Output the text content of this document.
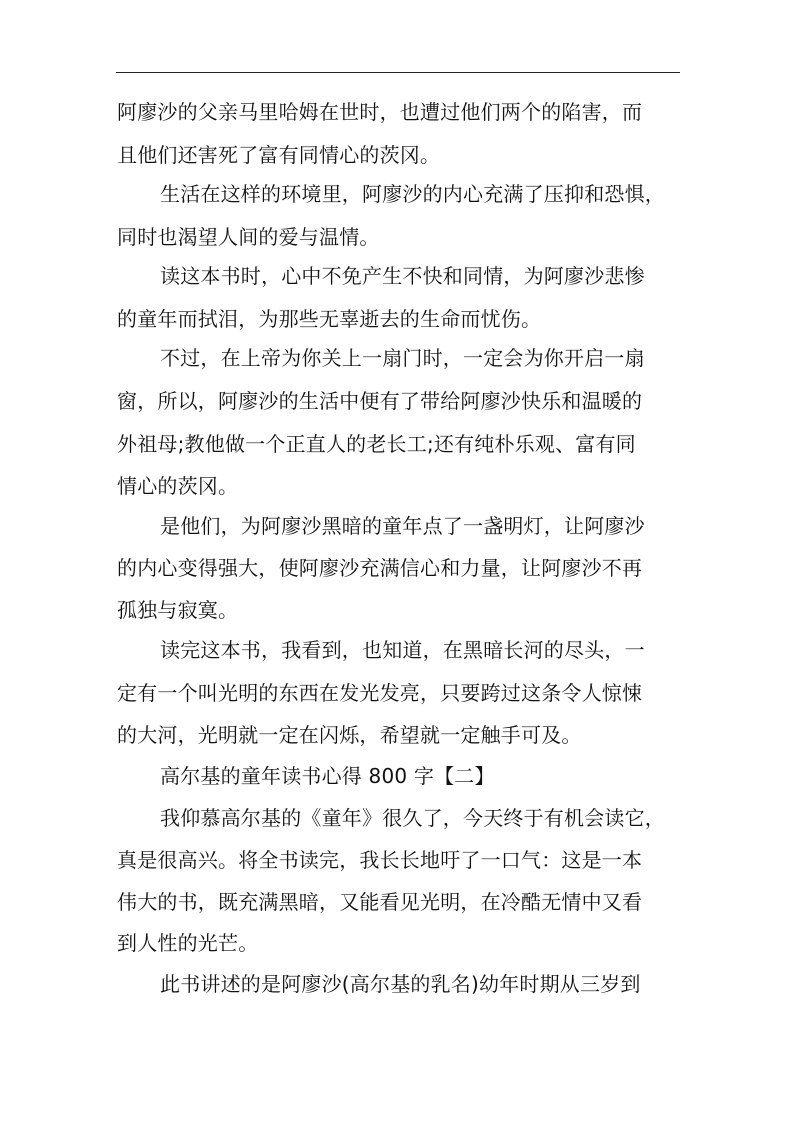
阿廖沙的父亲马里哈姆在世时，也遭过他们两个的陷害，而
且他们还害死了富有同情心的茨冈。
生活在这样的环境里，阿廖沙的内心充满了压抑和恐惧，
同时也渴望人间的爱与温情。
读这本书时，心中不免产生不快和同情，为阿廖沙悲惨
的童年而拭泪，为那些无辜逝去的生命而忧伤。
不过，在上帝为你关上一扇门时，一定会为你开启一扇
窗，所以，阿廖沙的生活中便有了带给阿廖沙快乐和温暖的
外祖母;教他做一个正直人的老长工;还有纯朴乐观、富有同
情心的茨冈。
是他们，为阿廖沙黑暗的童年点了一盏明灯，让阿廖沙
的内心变得强大，使阿廖沙充满信心和力量，让阿廖沙不再
孤独与寂寞。
读完这本书，我看到，也知道，在黑暗长河的尽头，一
定有一个叫光明的东西在发光发亮，只要跨过这条令人惊悚
的大河，光明就一定在闪烁，希望就一定触手可及。
高尔基的童年读书心得 800 字【二】
我仰慕高尔基的《童年》很久了，今天终于有机会读它，
真是很高兴。将全书读完，我长长地吁了一口气：这是一本
伟大的书，既充满黑暗，又能看见光明，在冷酷无情中又看
到人性的光芒。
此书讲述的是阿廖沙(高尔基的乳名)幼年时期从三岁到
